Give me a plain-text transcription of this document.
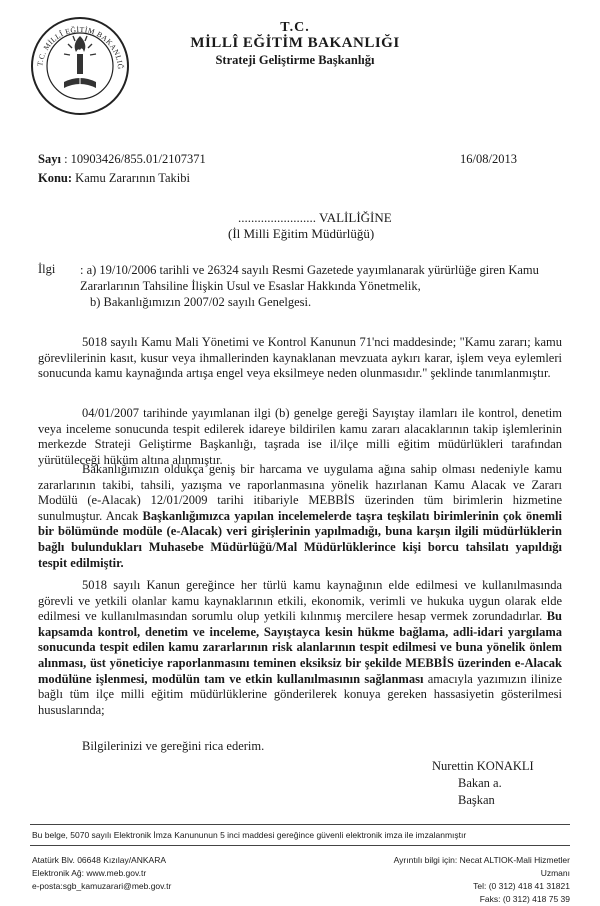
T.C. MİLLÎ EĞİTİM BAKANLIĞ
T.C.
MİLLÎ EĞİTİM BAKANLIĞI
Strateji Geliştirme Başkanlığı
Sayı : 10903426/855.01/2107371	16/08/2013
Konu: Kamu Zararının Takibi
........................ VALİLİĞİNE
(İl Milli Eğitim Müdürlüğü)
İlgi : a) 19/10/2006 tarihli ve 26324 sayılı Resmi Gazetede yayımlanarak yürürlüğe giren Kamu Zararlarının Tahsiline İlişkin Usul ve Esaslar Hakkında Yönetmelik,
b) Bakanlığımızın 2007/02 sayılı Genelgesi.

5018 sayılı Kamu Mali Yönetimi ve Kontrol Kanunun 71'nci maddesinde; "Kamu zararı; kamu görevlilerinin kasıt, kusur veya ihmallerinden kaynaklanan mevzuata aykırı karar, işlem veya eylemleri sonucunda kamu kaynağında artışa engel veya eksilmeye neden olunmasıdır." şeklinde tanımlanmıştır.

04/01/2007 tarihinde yayımlanan ilgi (b) genelge gereği Sayıştay ilamları ile kontrol, denetim veya inceleme sonucunda tespit edilerek idareye bildirilen kamu zararı alacaklarının takip işlemlerinin merkezde Strateji Geliştirme Başkanlığı, taşrada ise il/ilçe milli eğitim müdürlükleri tarafından yürütüleceği hüküm altına alınmıştır.

Bakanlığımızın oldukça geniş bir harcama ve uygulama ağına sahip olması nedeniyle kamu zararlarının takibi, tahsili, yazışma ve raporlanmasına yönelik hazırlanan Kamu Alacak ve Zararı Modülü (e-Alacak) 12/01/2009 tarihi itibariyle MEBBİS üzerinden tüm birimlerin hizmetine sunulmuştur. Ancak Başkanlığımızca yapılan incelemelerde taşra teşkilatı birimlerinin çok önemli bir bölümünde modüle (e-Alacak) veri girişlerinin yapılmadığı, buna karşın ilgili müdürlüklerin bağlı bulundukları Muhasebe Müdürlüğü/Mal Müdürlüklerince kişi borcu tahsilatı yapıldığı tespit edilmiştir.

5018 sayılı Kanun gereğince her türlü kamu kaynağının elde edilmesi ve kullanılmasında görevli ve yetkili olanlar kamu kaynaklarının etkili, ekonomik, verimli ve hukuka uygun olarak elde edilmesi ve kullanılmasından sorumlu olup yetkili kılınmış mercilere hesap vermek zorundadırlar. Bu kapsamda kontrol, denetim ve inceleme, Sayıştayca kesin hükme bağlama, adli-idari yargılama sonucunda tespit edilen kamu zararlarının risk alanlarının tespit edilmesi ve buna yönelik önlem alınması, üst yöneticiye raporlanmasını teminen eksiksiz bir şekilde MEBBİS üzerinden e-Alacak modülüne işlenmesi, modülün tam ve etkin kullanılmasının sağlanması amacıyla yazımızın ilinize bağlı tüm ilçe milli eğitim müdürlüklerine gönderilerek konuya gereken hassasiyetin gösterilmesi hususlarında;

Bilgilerinizi ve gereğini rica ederim.

Nurettin KONAKLI
Bakan a.
Başkan
Bu belge, 5070 sayılı Elektronik İmza Kanununun 5 inci maddesi gereğince güvenli elektronik imza ile imzalanmıştır
Atatürk Blv. 06648 Kızılay/ANKARA
Elektronik Ağ: www.meb.gov.tr
e-posta:sgb_kamuzarari@meb.gov.tr
Ayrıntılı bilgi için: Necat ALTIOK-Mali Hizmetler Uzmanı
Tel: (0 312) 418 41 31821
Faks: (0 312) 418 75 39
